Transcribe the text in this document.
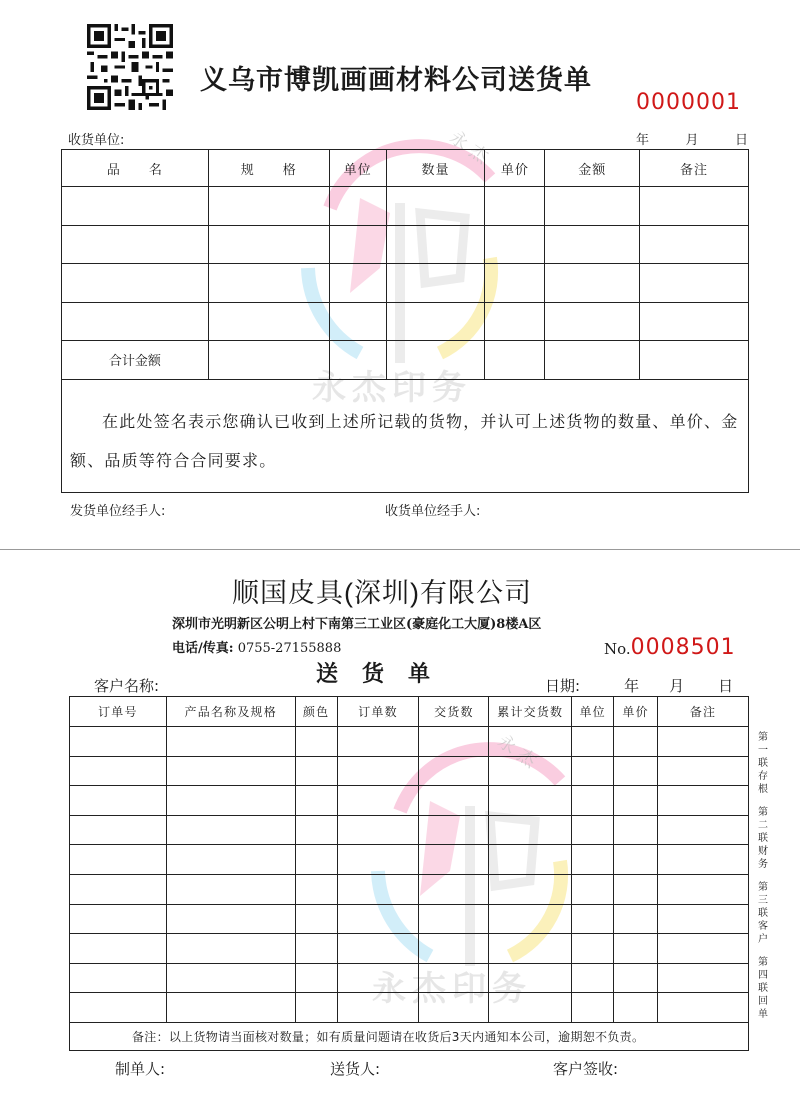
永杰
永杰印务
义乌市博凯画画材料公司送货单
0000001
收货单位:	年	月	日
品　　名	规　　格	单位	数量	单价	金额	备注

合计金额						
在此处签名表示您确认已收到上述所记载的货物，并认可上述货物的数量、单价、金额、品质等符合合同要求。						
发货单位经手人:	收货单位经手人:
永杰
永杰印务
顺国皮具(深圳)有限公司
深圳市光明新区公明上村下南第三工业区(豪庭化工大厦)8楼A区
电话/传真: 0755-27155888	No.0008501
送货单
客户名称:	日期:	年 月 日
订单号	产品名称及规格	颜色	订单数	交货数	累计交货数	单位	单价	备注

备注：以上货物请当面核对数量；如有质量问题请在收货后3天内通知本公司，逾期恕不负责。								
第一联存根
第二联财务
第三联客户
第四联回单
制单人:	送货人:	客户签收:
